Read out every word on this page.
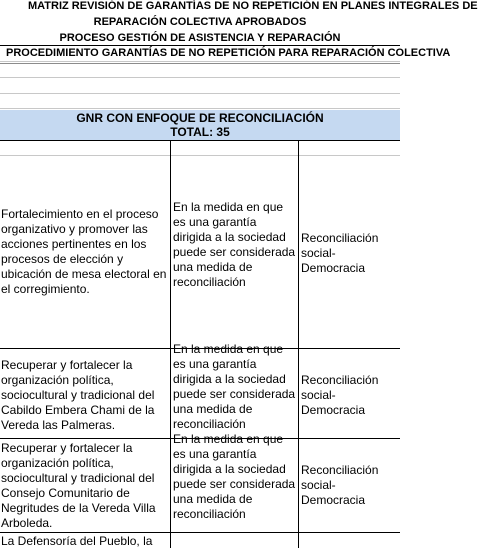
MATRIZ REVISIÓN DE GARANTÍAS DE NO REPETICIÓN EN PLANES INTEGRALES DE
REPARACIÓN COLECTIVA APROBADOS
PROCESO GESTIÓN DE ASISTENCIA Y REPARACIÓN
PROCEDIMIENTO GARANTÍAS DE NO REPETICIÓN PARA REPARACIÓN COLECTIVA
GNR CON ENFOQUE DE RECONCILIACIÓN
TOTAL: 35
Fortalecimiento en el proceso organizativo y promover las acciones pertinentes en los procesos de elección y ubicación de mesa electoral en el corregimiento.
En la medida en que es una garantía dirigida a la sociedad puede ser considerada una medida de reconciliación
Reconciliación social-Democracia
Recuperar y fortalecer la organización política, sociocultural y tradicional del Cabildo Embera Chami de la Vereda las Palmeras.
En la medida en que es una garantía dirigida a la sociedad puede ser considerada una medida de reconciliación
Reconciliación social-Democracia
Recuperar y fortalecer la organización política, sociocultural y tradicional del Consejo Comunitario de Negritudes de la Vereda Villa Arboleda.
En la medida en que es una garantía dirigida a la sociedad puede ser considerada una medida de reconciliación
Reconciliación social-Democracia
La Defensoría del Pueblo, la
